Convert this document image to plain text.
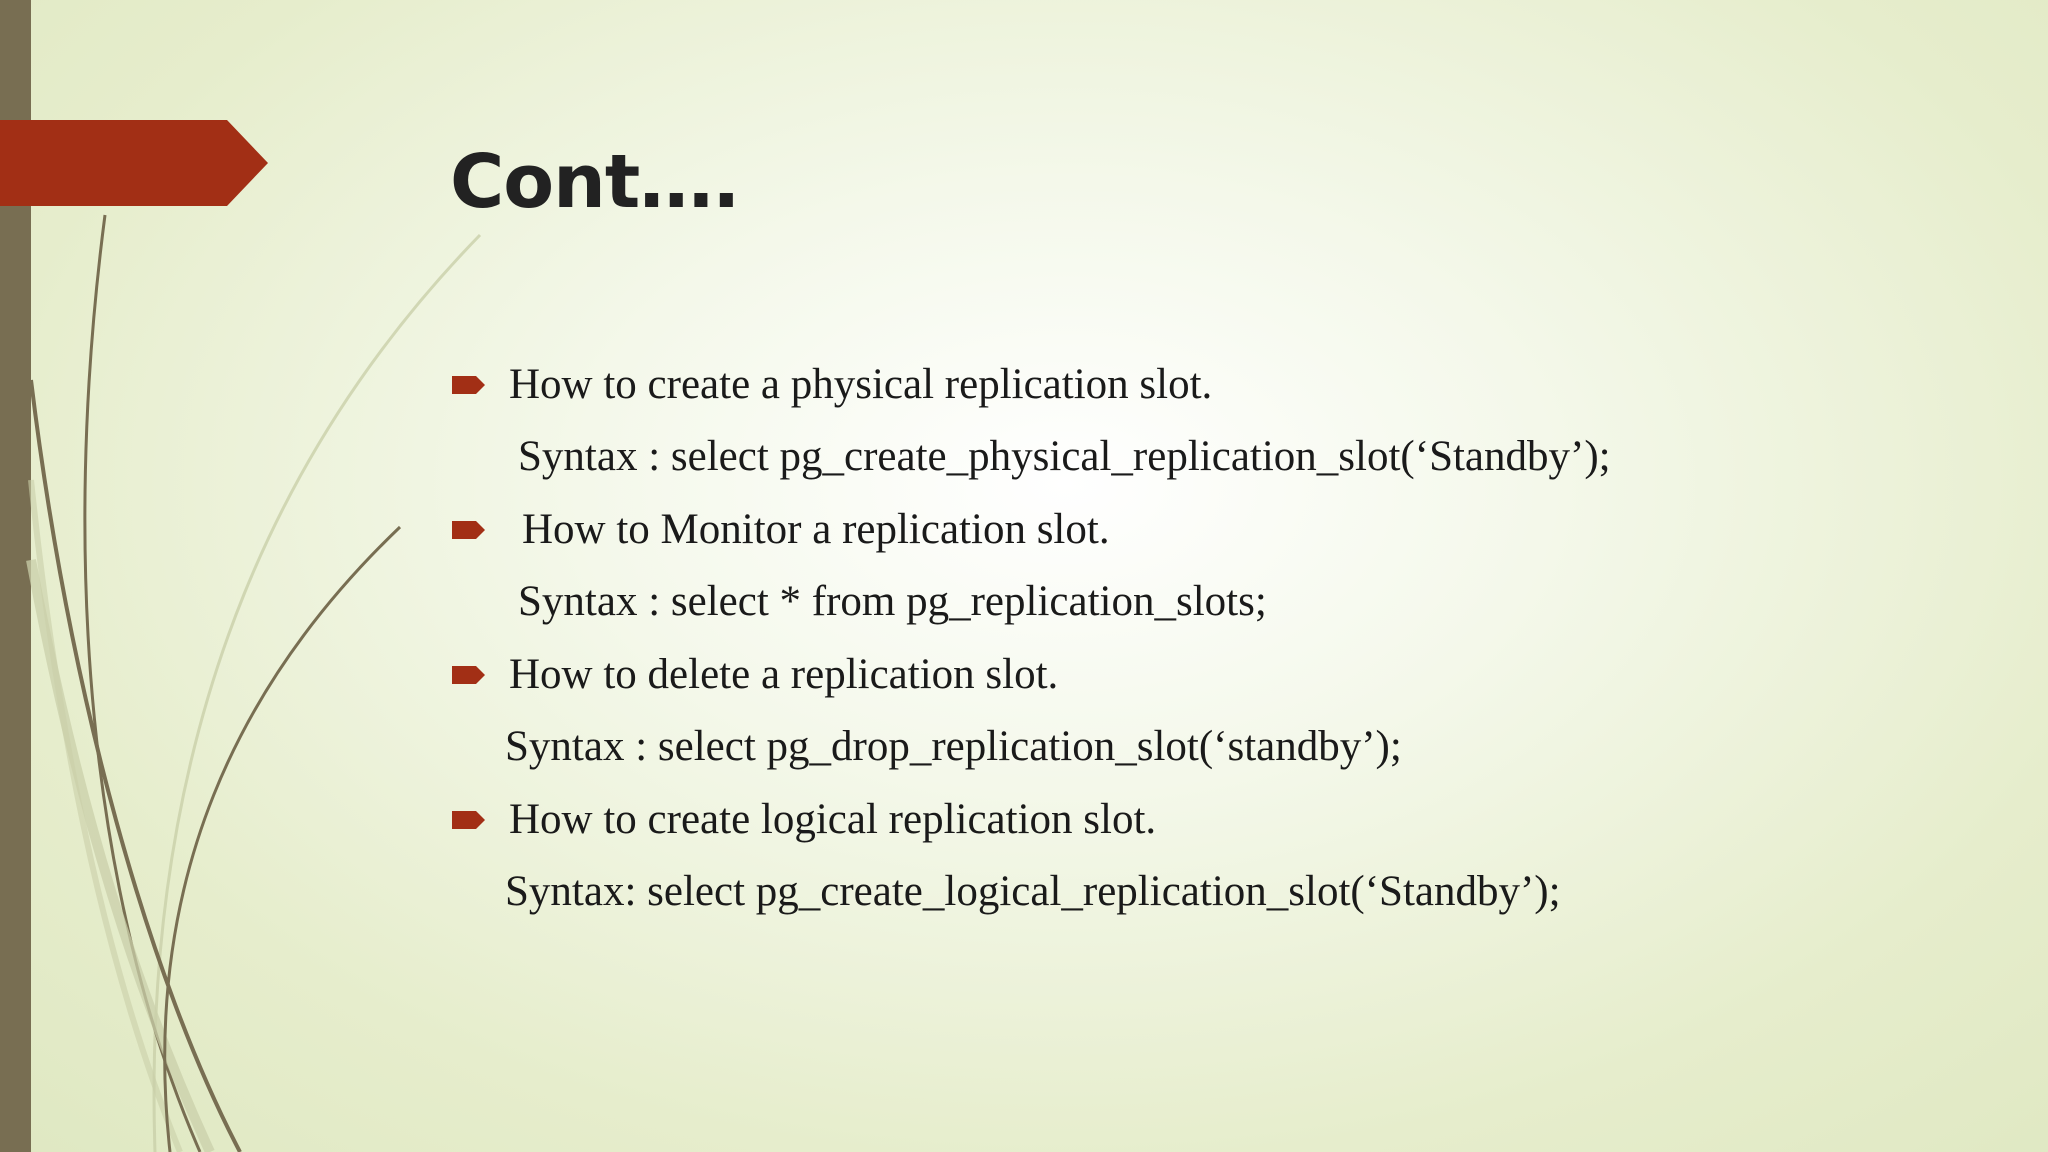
Cont….
How to create a physical replication slot.
Syntax : select pg_create_physical_replication_slot(‘Standby’);
How to Monitor a replication slot.
Syntax : select * from pg_replication_slots;
How to delete a replication slot.
Syntax : select pg_drop_replication_slot(‘standby’);
How to create logical replication slot.
Syntax: select pg_create_logical_replication_slot(‘Standby’);
